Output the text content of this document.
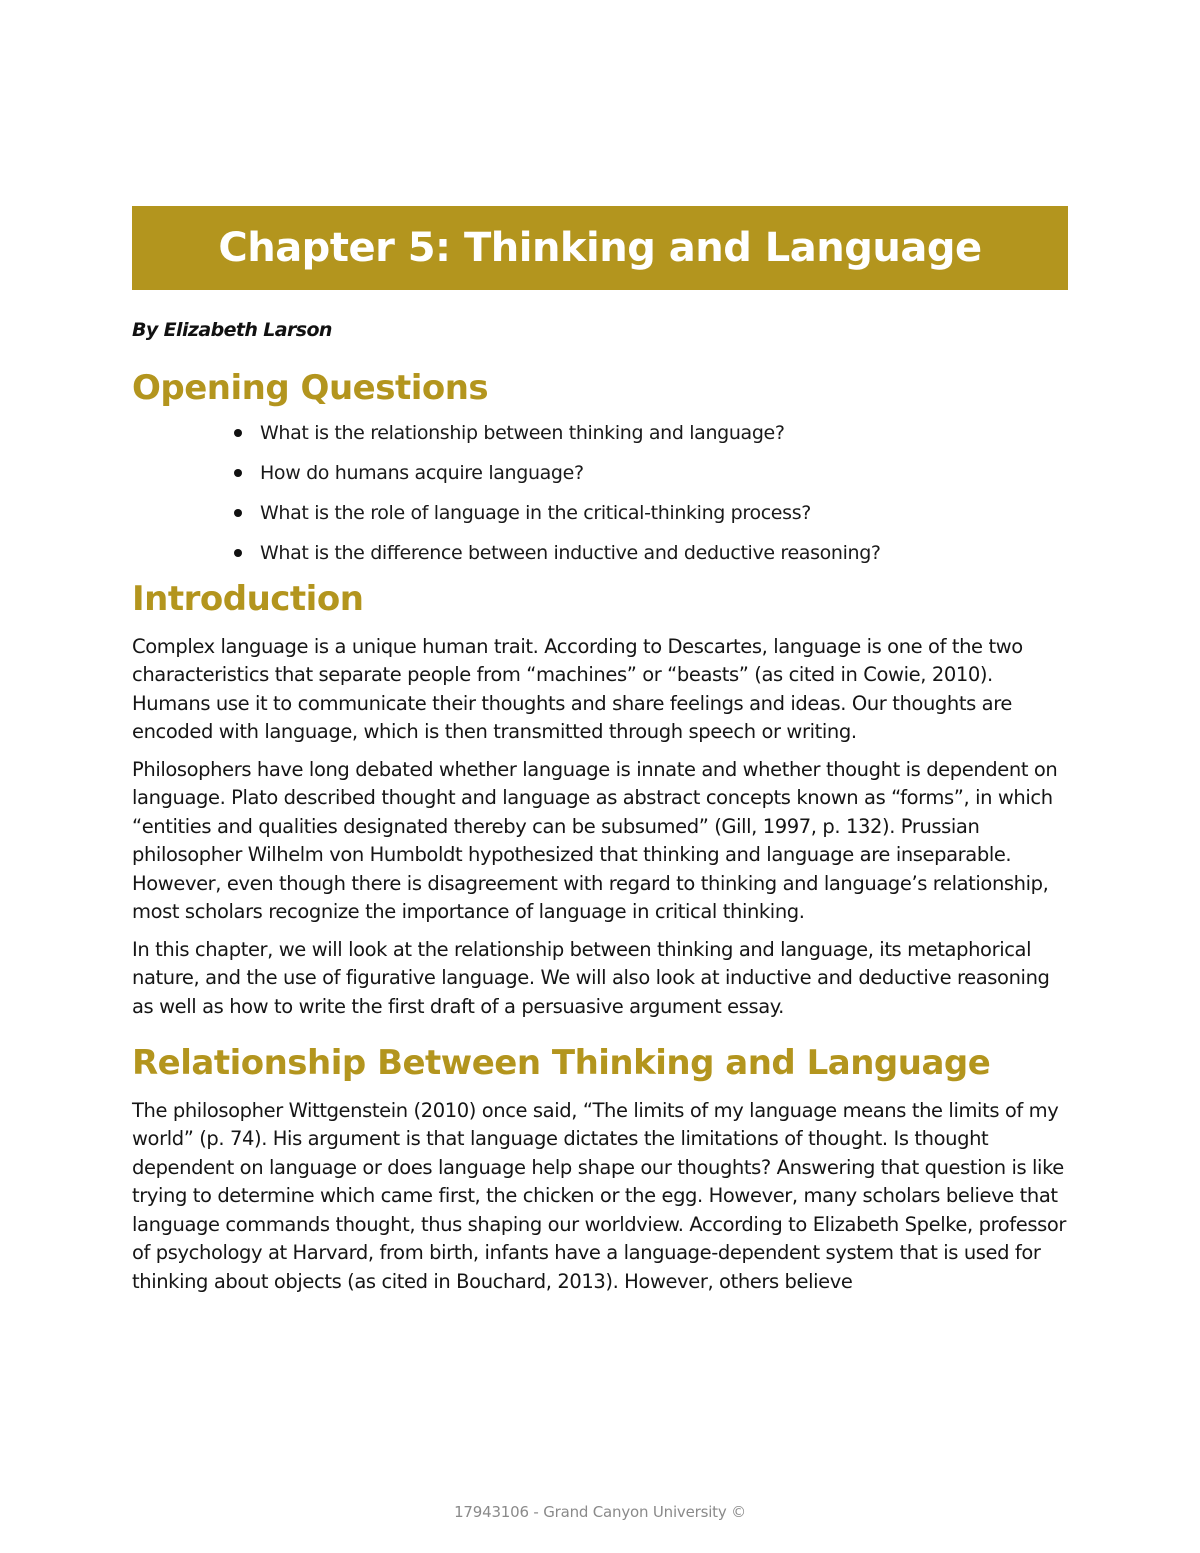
Chapter 5: Thinking and Language
By Elizabeth Larson
Opening Questions
What is the relationship between thinking and language?
How do humans acquire language?
What is the role of language in the critical-thinking process?
What is the difference between inductive and deductive reasoning?
Introduction

Complex language is a unique human trait. According to Descartes, language is one of the two characteristics that separate people from “machines” or “beasts” (as cited in Cowie, 2010). Humans use it to communicate their thoughts and share feelings and ideas. Our thoughts are encoded with language, which is then transmitted through speech or writing.

Philosophers have long debated whether language is innate and whether thought is dependent on language. Plato described thought and language as abstract concepts known as “forms”, in which “entities and qualities designated thereby can be subsumed” (Gill, 1997, p. 132). Prussian philosopher Wilhelm von Humboldt hypothesized that thinking and language are inseparable. However, even though there is disagreement with regard to thinking and language’s relationship, most scholars recognize the importance of language in critical thinking.

In this chapter, we will look at the relationship between thinking and language, its metaphorical nature, and the use of figurative language. We will also look at inductive and deductive reasoning as well as how to write the first draft of a persuasive argument essay.

Relationship Between Thinking and Language

The philosopher Wittgenstein (2010) once said, “The limits of my language means the limits of my world” (p. 74). His argument is that language dictates the limitations of thought. Is thought dependent on language or does language help shape our thoughts? Answering that question is like trying to determine which came first, the chicken or the egg. However, many scholars believe that language commands thought, thus shaping our worldview. According to Elizabeth Spelke, professor of psychology at Harvard, from birth, infants have a language-dependent system that is used for thinking about objects (as cited in Bouchard, 2013). However, others believe

17943106 - Grand Canyon University ©
